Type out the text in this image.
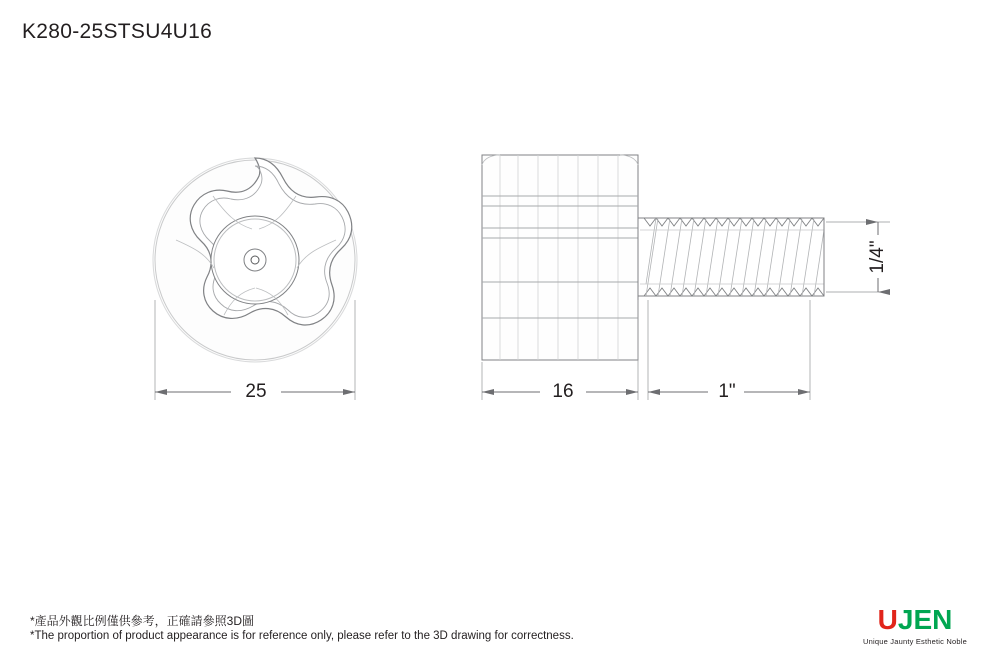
K280-25STSU4U16
25	16	1"
1/4"
*產品外觀比例僅供參考，正確請參照3D圖
*The proportion of product appearance is for reference only, please refer to the 3D drawing for correctness.
UJEN
Unique Jaunty Esthetic Noble
